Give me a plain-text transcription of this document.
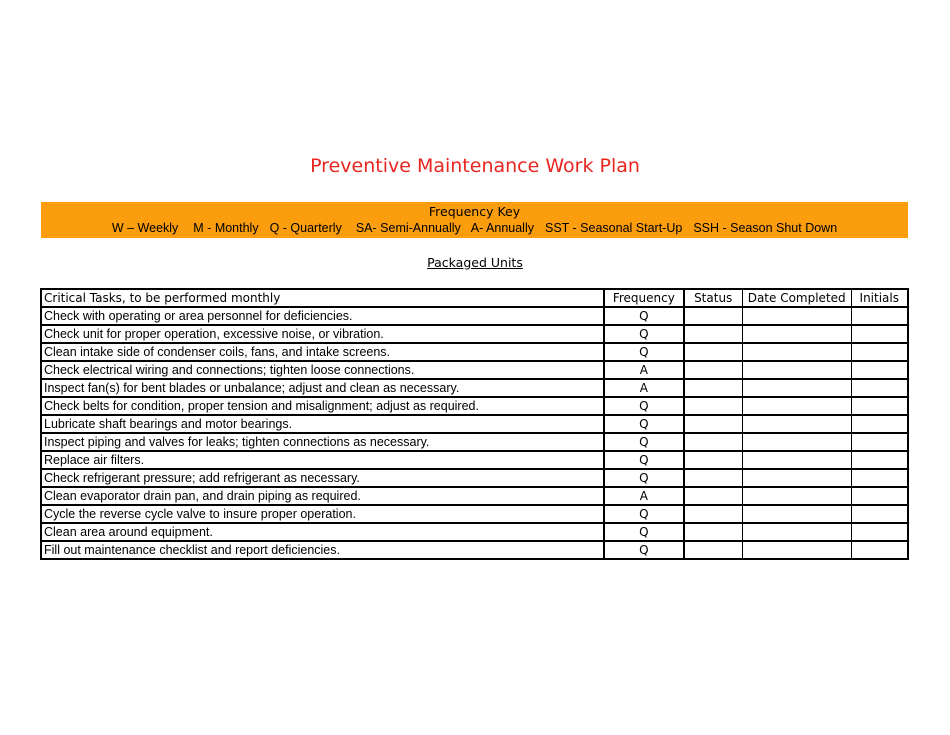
Preventive Maintenance Work Plan
Frequency Key
W – Weekly M - Monthly Q - Quarterly SA- Semi-Annually A- Annually SST - Seasonal Start-Up SSH - Season Shut Down
Packaged Units
Critical Tasks, to be performed monthly	Frequency	Status	Date Completed	Initials
Check with operating or area personnel for deficiencies.	Q			
Check unit for proper operation, excessive noise, or vibration.	Q			
Clean intake side of condenser coils, fans, and intake screens.	Q			
Check electrical wiring and connections; tighten loose connections.	A			
Inspect fan(s) for bent blades or unbalance; adjust and clean as necessary.	A			
Check belts for condition, proper tension and misalignment; adjust as required.	Q			
Lubricate shaft bearings and motor bearings.	Q			
Inspect piping and valves for leaks; tighten connections as necessary.	Q			
Replace air filters.	Q			
Check refrigerant pressure; add refrigerant as necessary.	Q			
Clean evaporator drain pan, and drain piping as required.	A			
Cycle the reverse cycle valve to insure proper operation.	Q			
Clean area around equipment.	Q			
Fill out maintenance checklist and report deficiencies.	Q			
